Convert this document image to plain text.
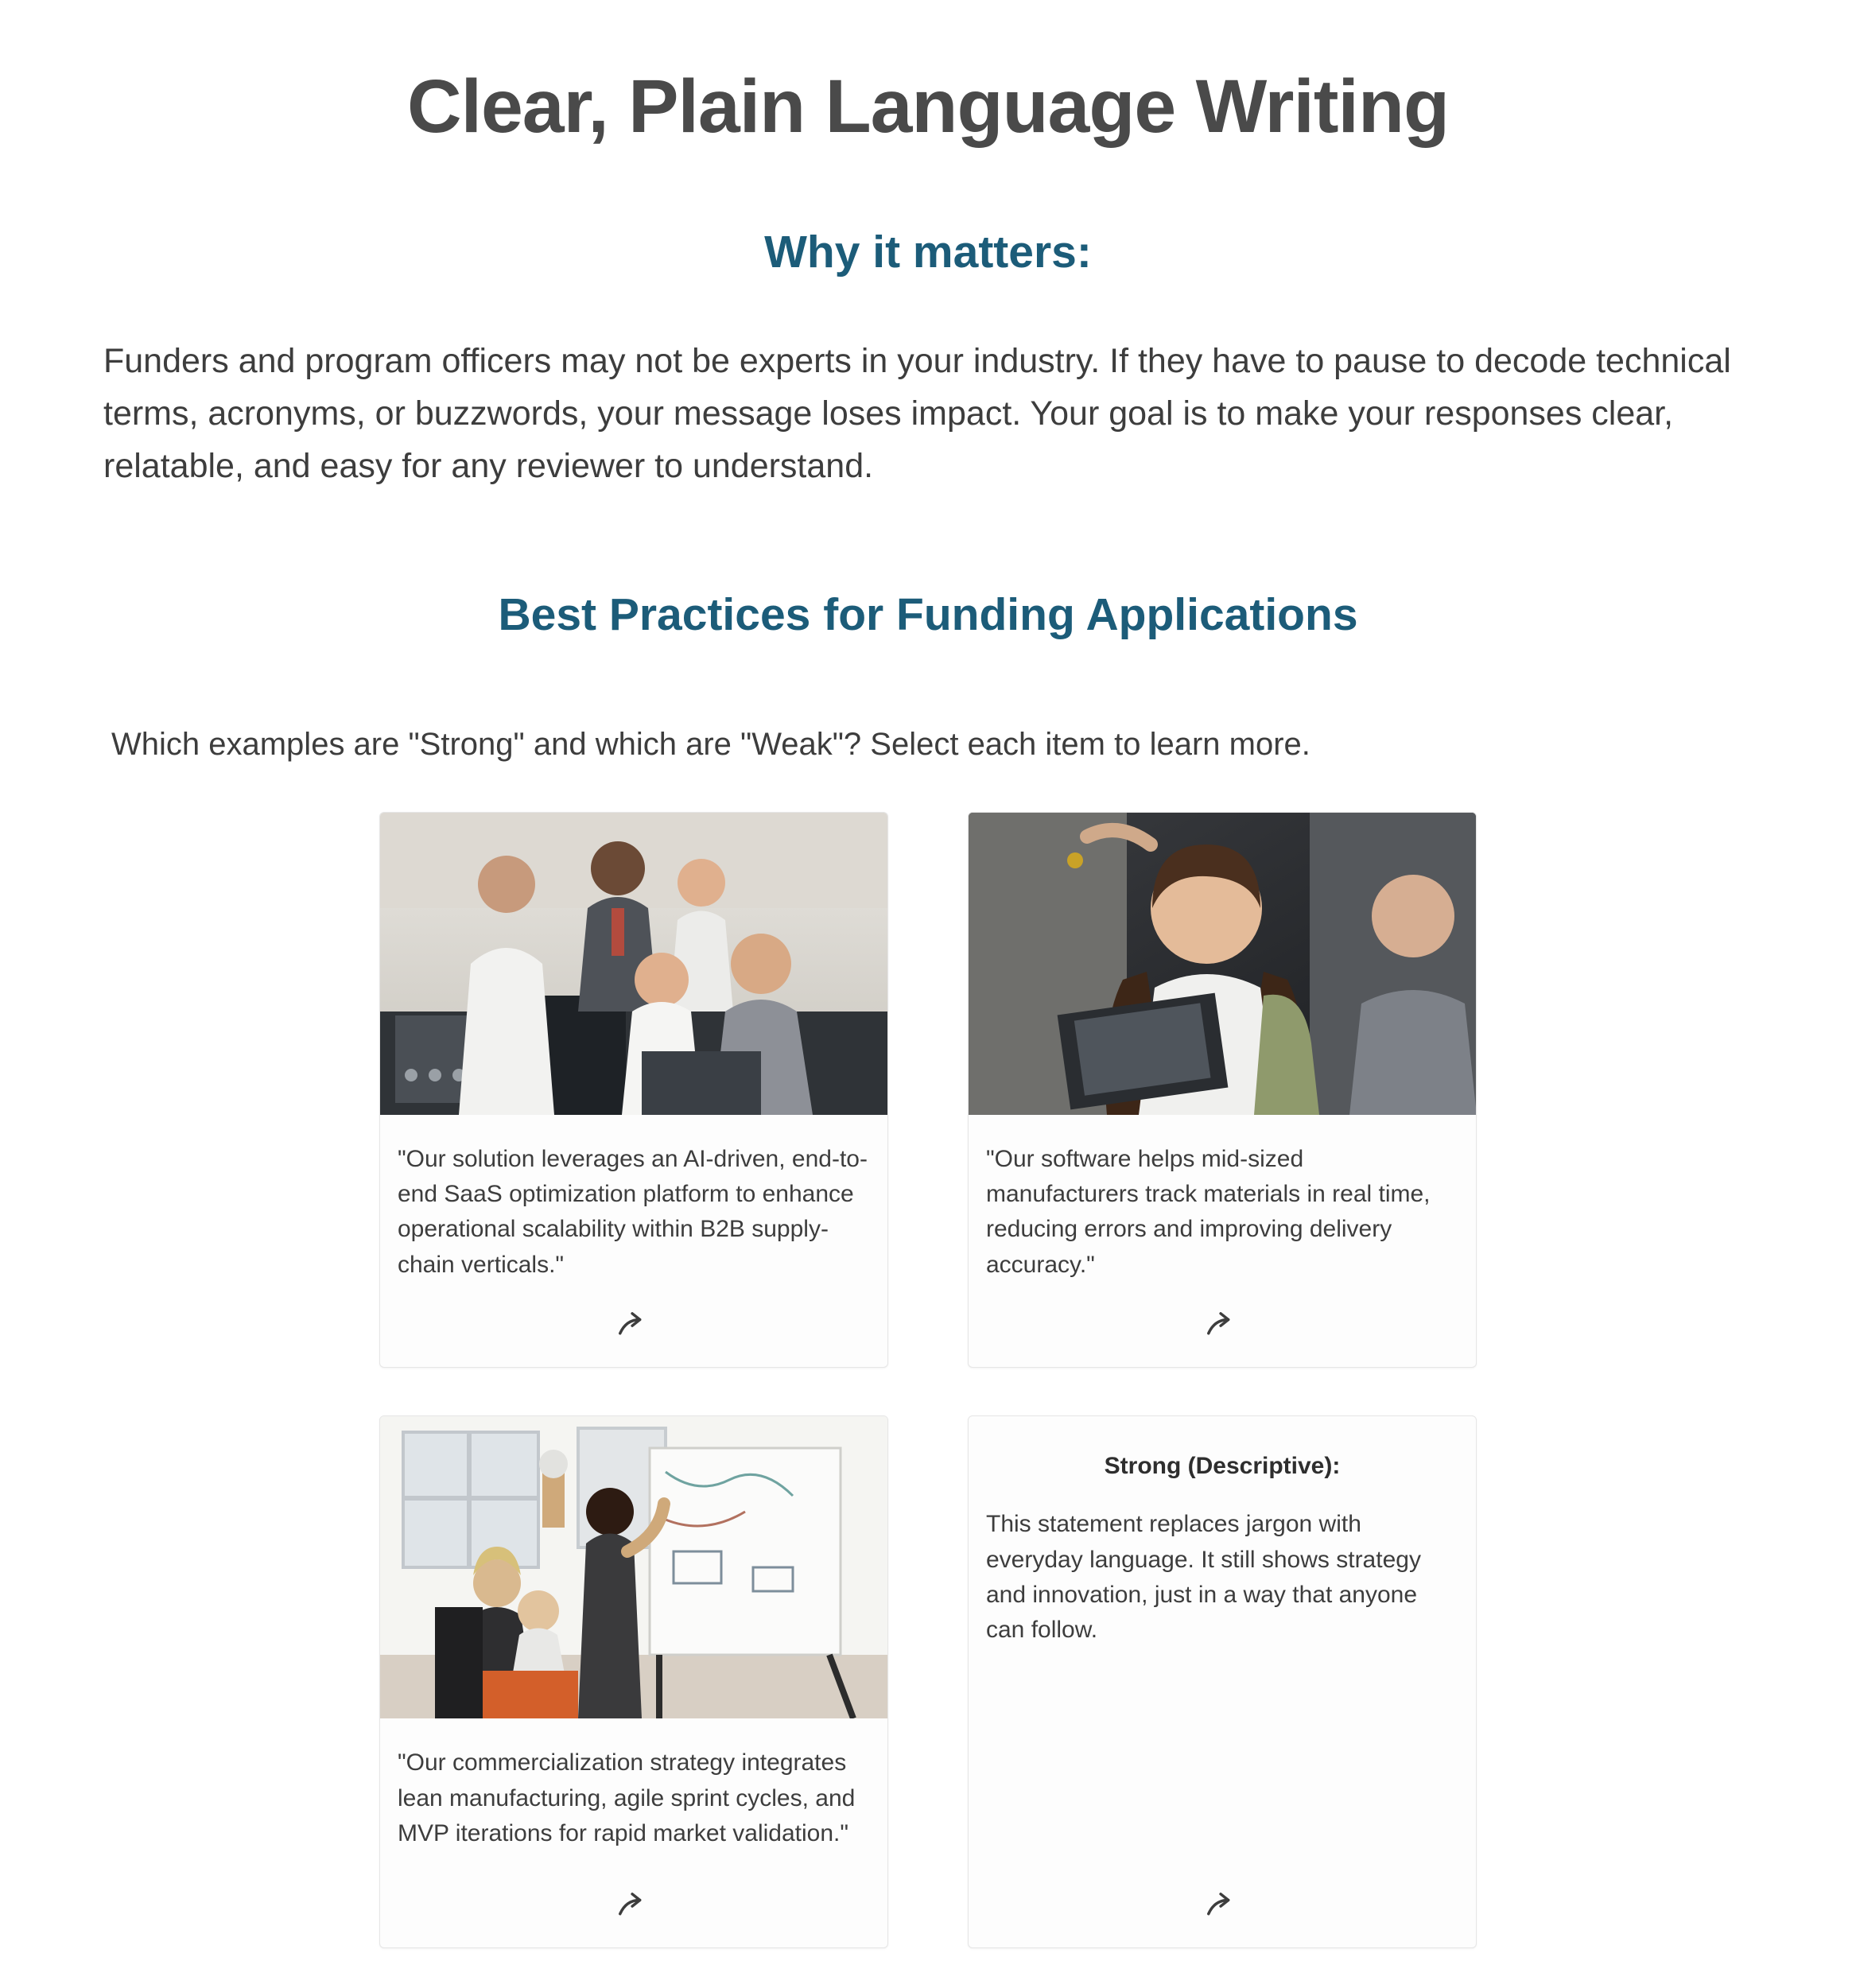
Clear, Plain Language Writing
Why it matters:

Funders and program officers may not be experts in your industry. If they have to pause to decode technical terms, acronyms, or buzzwords, your message loses impact. Your goal is to make your responses clear, relatable, and easy for any reviewer to understand.

Best Practices for Funding Applications

Which examples are "Strong" and which are "Weak"? Select each item to learn more.

"Our solution leverages an AI-driven, end-to-end SaaS optimization platform to enhance operational scalability within B2B supply-chain verticals."
"Our software helps mid-sized manufacturers track materials in real time, reducing errors and improving delivery accuracy."
"Our commercialization strategy integrates lean manufacturing, agile sprint cycles, and MVP iterations for rapid market validation."
Strong (Descriptive):
This statement replaces jargon with everyday language. It still shows strategy and innovation, just in a way that anyone can follow.
